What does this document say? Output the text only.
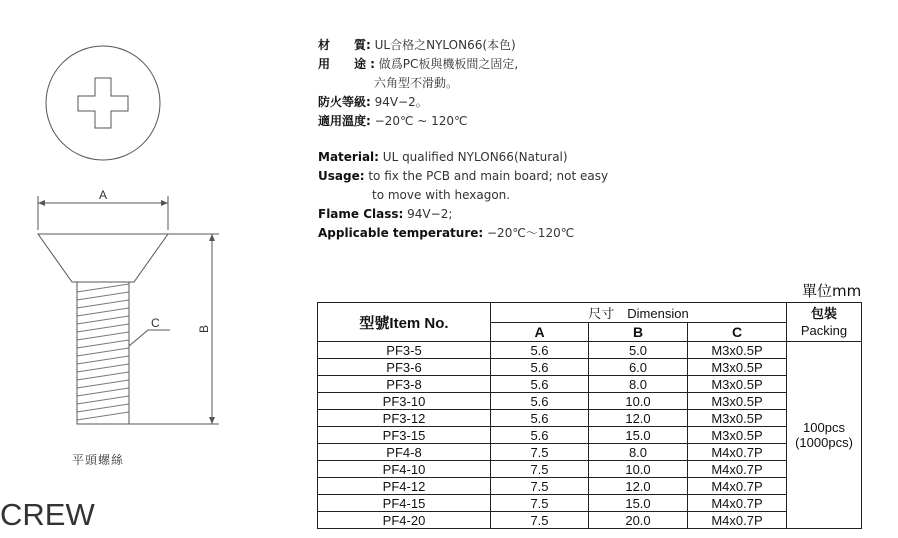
A
C	B
平頭螺絲
CREW
材　　質: UL合格之NYLON66(本色)
用　　途 : 做爲PC板與機板間之固定,
六角型不滑動。
防火等級: 94V−2。
適用溫度: −20℃ ~ 120℃
Material: UL qualified NYLON66(Natural)
Usage: to fix the PCB and main board; not easy
to move with hexagon.
Flame Class: 94V−2;
Applicable temperature: −20℃～120℃
單位mm
型號Item No.	尺寸　Dimension			包裝
Packing

	A	B	C	
PF3-5	5.6	5.0	M3x0.5P	100pcs
(1000pcs)

PF3-6	5.6	6.0	M3x0.5P	
PF3-8	5.6	8.0	M3x0.5P	
PF3-10	5.6	10.0	M3x0.5P	
PF3-12	5.6	12.0	M3x0.5P	
PF3-15	5.6	15.0	M3x0.5P	
PF4-8	7.5	8.0	M4x0.7P	
PF4-10	7.5	10.0	M4x0.7P	
PF4-12	7.5	12.0	M4x0.7P	
PF4-15	7.5	15.0	M4x0.7P	
PF4-20	7.5	20.0	M4x0.7P	
